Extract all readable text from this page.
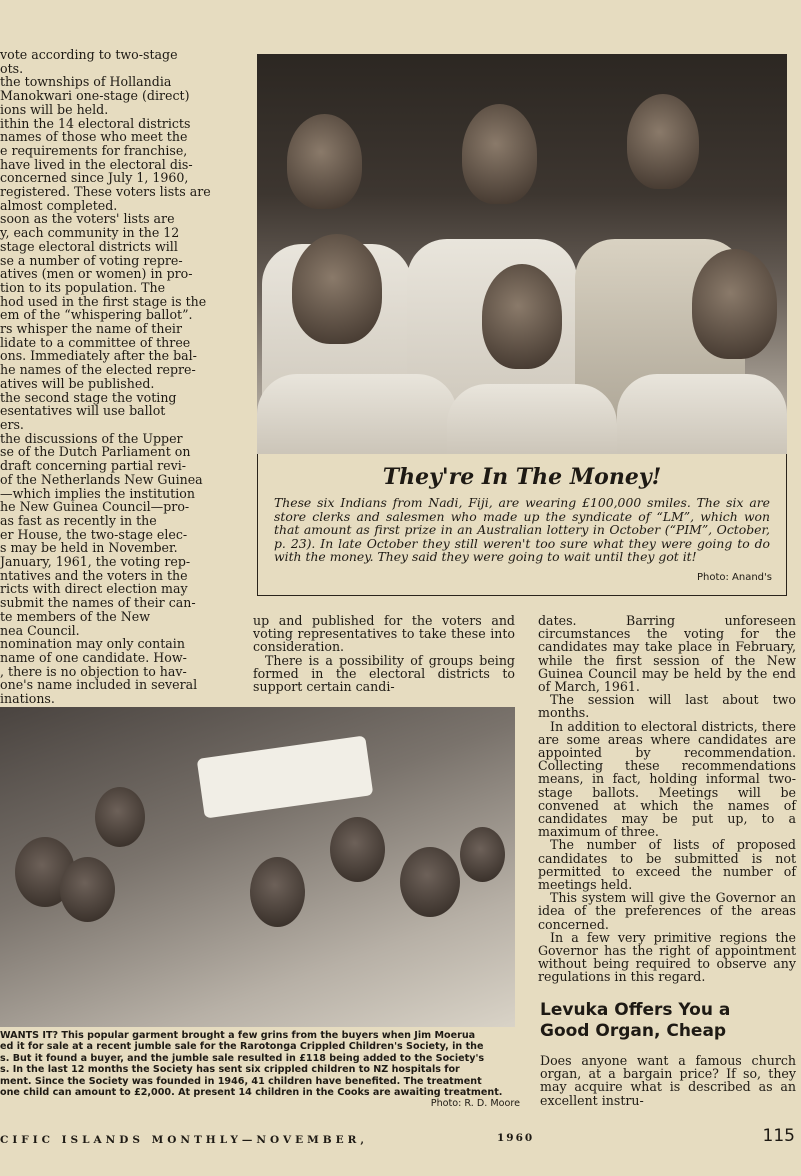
vote according to two-stage

ots.

the townships of Hollandia

Manokwari one-stage (direct)

ions will be held.

ithin the 14 electoral districts

names of those who meet the

e requirements for franchise,

have lived in the electoral dis-

concerned since July 1, 1960,

registered. These voters lists are

almost completed.

soon as the voters' lists are

y, each community in the 12

stage electoral districts will

se a number of voting repre-

atives (men or women) in pro-

tion to its population. The

hod used in the first stage is the

em of the “whispering ballot”.

rs whisper the name of their

lidate to a committee of three

ons. Immediately after the bal-

he names of the elected repre-

atives will be published.

the second stage the voting

esentatives will use ballot

ers.

the discussions of the Upper

se of the Dutch Parliament on

draft concerning partial revi-

of the Netherlands New Guinea

—which implies the institution

he New Guinea Council—pro-

as fast as recently in the

er House, the two-stage elec-

s may be held in November.

January, 1961, the voting rep-

ntatives and the voters in the

ricts with direct election may

submit the names of their can-

te members of the New

nea Council.

nomination may only contain

name of one candidate. How-

, there is no objection to hav-

one's name included in several

inations.

They're In The Money!
These six Indians from Nadi, Fiji, are wearing £100,000 smiles. The six are store clerks and salesmen who made up the syndicate of “LM”, which won that amount as first prize in an Australian lottery in October (“PIM”, October, p. 23). In late October they still weren't too sure what they were going to do with the money. They said they were going to wait until they got it!
Photo: Anand's

up and published for the voters and voting representatives to take these into consideration.

There is a possibility of groups being formed in the electoral districts to support certain candi-

dates. Barring unforeseen circumstances the voting for the candidates may take place in February, while the first session of the New Guinea Council may be held by the end of March, 1961.

The session will last about two months.

In addition to electoral districts, there are some areas where candidates are appointed by recommendation. Collecting these recommendations means, in fact, holding informal two-stage ballots. Meetings will be convened at which the names of candidates may be put up, to a maximum of three.

The number of lists of proposed candidates to be submitted is not permitted to exceed the number of meetings held.

This system will give the Governor an idea of the preferences of the areas concerned.

In a few very primitive regions the Governor has the right of appointment without being required to observe any regulations in this regard.

WANTS IT? This popular garment brought a few grins from the buyers when Jim Moerua
ed it for sale at a recent jumble sale for the Rarotonga Crippled Children's Society, in the
s. But it found a buyer, and the jumble sale resulted in £118 being added to the Society's
s. In the last 12 months the Society has sent six crippled children to NZ hospitals for
ment. Since the Society was founded in 1946, 41 children have benefited. The treatment
one child can amount to £2,000. At present 14 children in the Cooks are awaiting treatment.
Photo: R. D. Moore
Levuka Offers You a
Good Organ, Cheap
Does anyone want a famous church organ, at a bargain price? If so, they may acquire what is described as an excellent instru-
CIFIC ISLANDS MONTHLY—NOVEMBER,	1960	115
